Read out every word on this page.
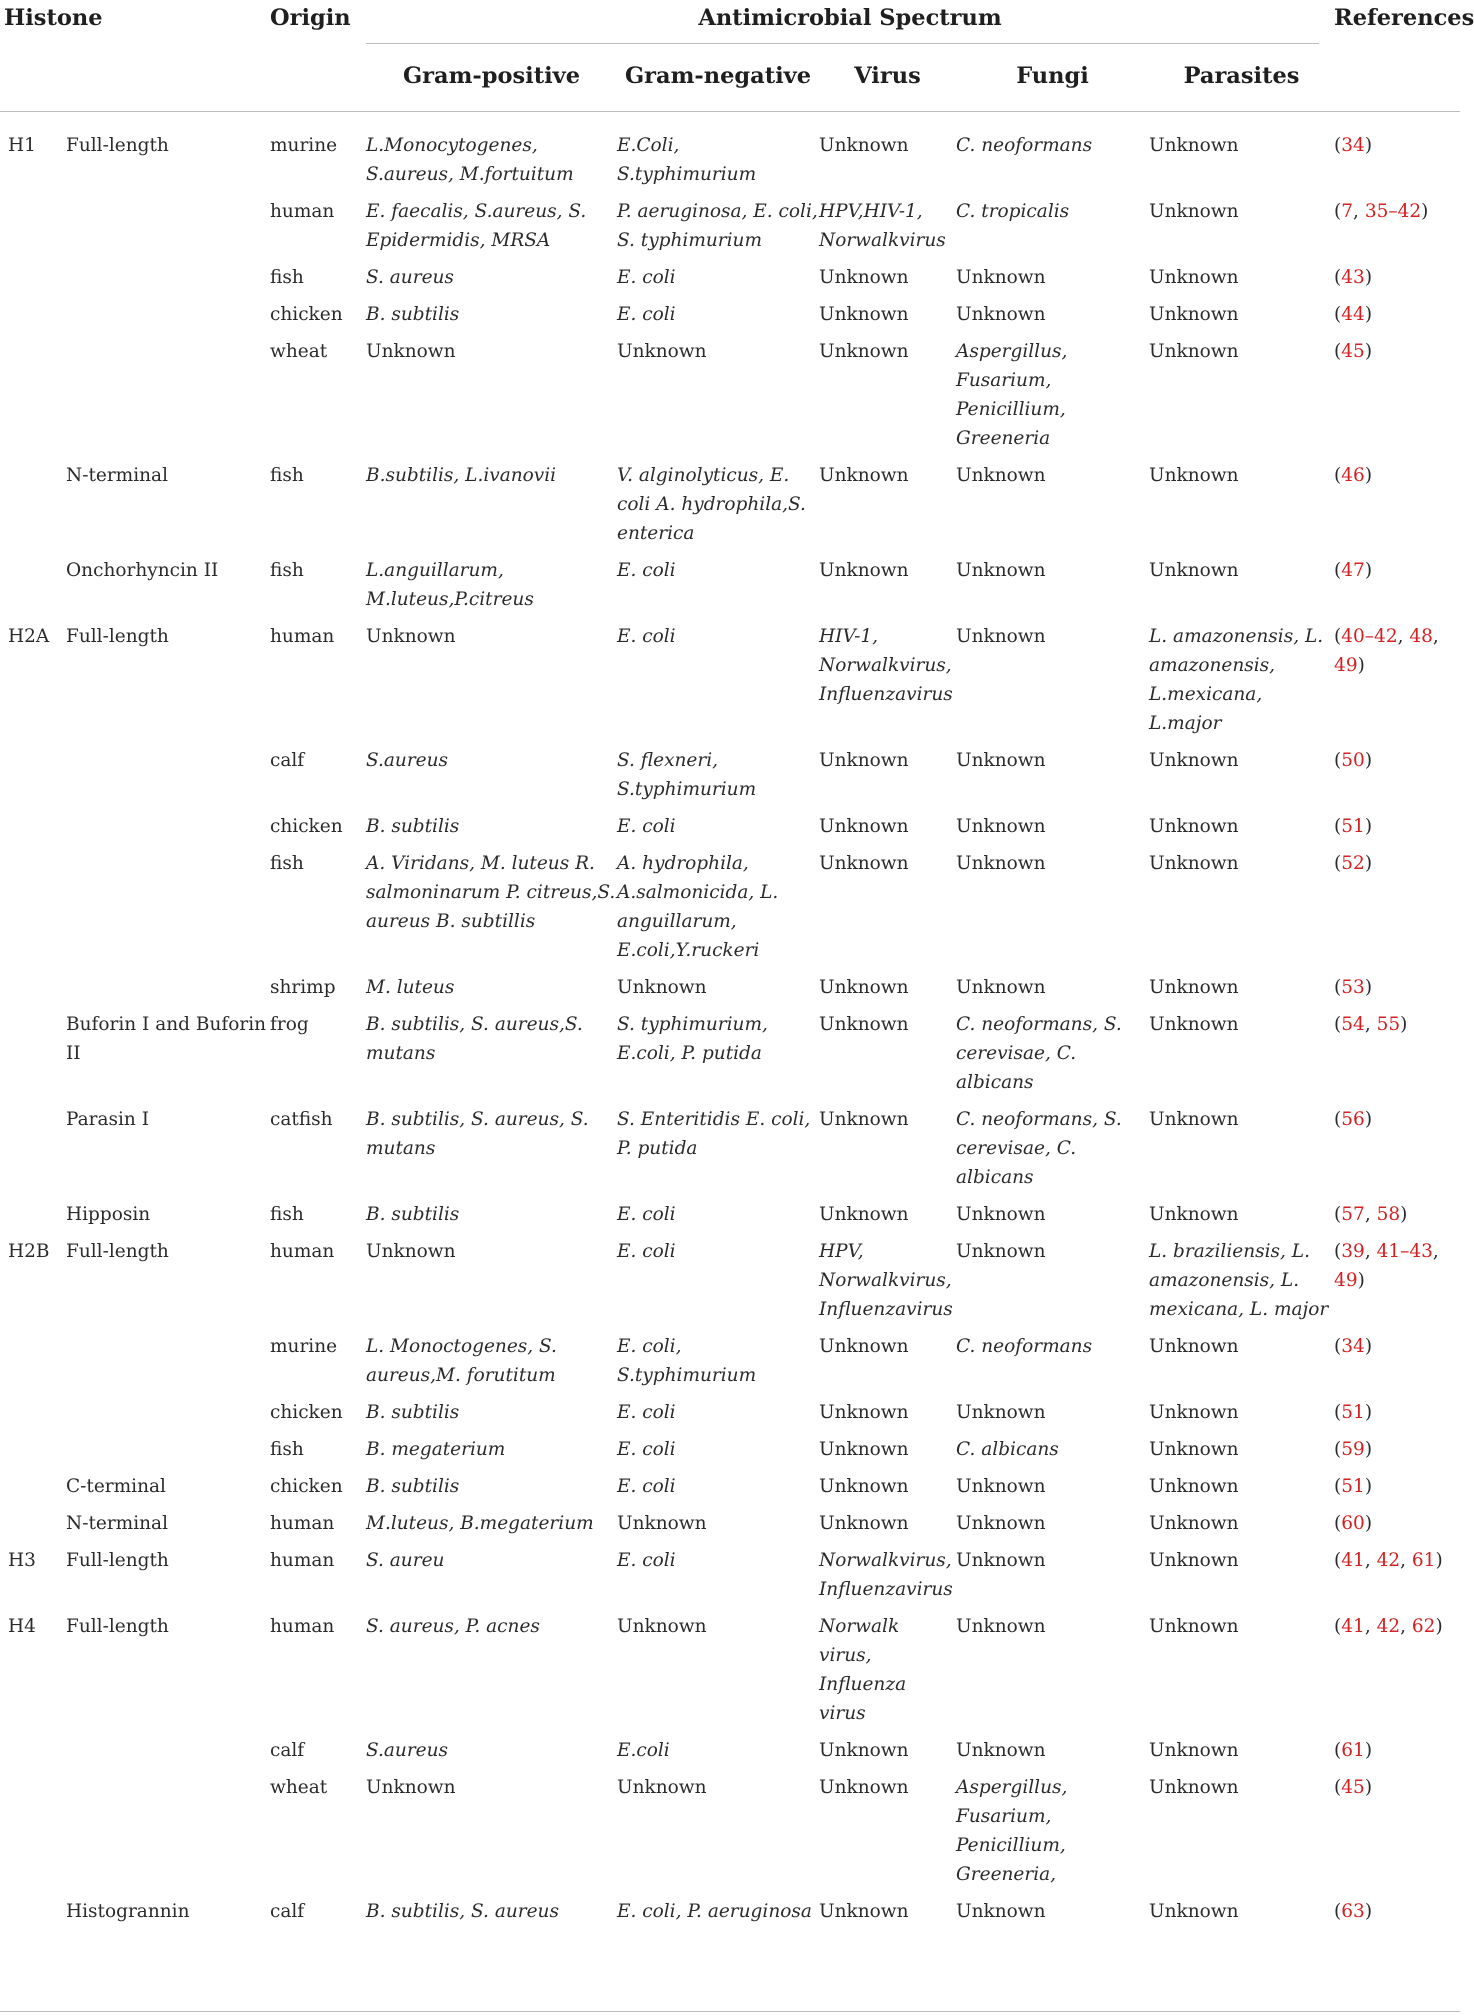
Histone		Origin	Antimicrobial Spectrum					References
			Gram-positive	Gram-negative	Virus	Fungi	Parasites	

H1	Full-length	murine	L.Monocytogenes, S.aureus, M.fortuitum	E.Coli, S.typhimurium	Unknown	C. neoformans	Unknown	(34)
		human	E. faecalis, S.aureus, S. Epidermidis, MRSA	P. aeruginosa, E. coli, S. typhimurium	HPV,HIV-1, Norwalkvirus	C. tropicalis	Unknown	(7, 35–42)
		fish	S. aureus	E. coli	Unknown	Unknown	Unknown	(43)
		chicken	B. subtilis	E. coli	Unknown	Unknown	Unknown	(44)
		wheat	Unknown	Unknown	Unknown	Aspergillus, Fusarium, Penicillium, Greeneria	Unknown	(45)
	N-terminal	fish	B.subtilis, L.ivanovii	V. alginolyticus, E. coli A. hydrophila,S. enterica	Unknown	Unknown	Unknown	(46)
	Onchorhyncin II	fish	L.anguillarum, M.luteus,P.citreus	E. coli	Unknown	Unknown	Unknown	(47)
H2A	Full-length	human	Unknown	E. coli	HIV-1, Norwalkvirus, Influenzavirus	Unknown	L. amazonensis, L. amazonensis, L.mexicana, L.major	(40–42, 48, 49)
		calf	S.aureus	S. flexneri, S.typhimurium	Unknown	Unknown	Unknown	(50)
		chicken	B. subtilis	E. coli	Unknown	Unknown	Unknown	(51)
		fish	A. Viridans, M. luteus R. salmoninarum P. citreus,S. aureus B. subtillis	A. hydrophila, A.salmonicida, L. anguillarum, E.coli,Y.ruckeri	Unknown	Unknown	Unknown	(52)
		shrimp	M. luteus	Unknown	Unknown	Unknown	Unknown	(53)
	Buforin I and Buforin II	frog	B. subtilis, S. aureus,S. mutans	S. typhimurium, E.coli, P. putida	Unknown	C. neoformans, S. cerevisae, C. albicans	Unknown	(54, 55)
	Parasin I	catfish	B. subtilis, S. aureus, S. mutans	S. Enteritidis E. coli, P. putida	Unknown	C. neoformans, S. cerevisae, C. albicans	Unknown	(56)
	Hipposin	fish	B. subtilis	E. coli	Unknown	Unknown	Unknown	(57, 58)
H2B	Full-length	human	Unknown	E. coli	HPV, Norwalkvirus, Influenzavirus	Unknown	L. braziliensis, L. amazonensis, L. mexicana, L. major	(39, 41–43, 49)
		murine	L. Monoctogenes, S. aureus,M. forutitum	E. coli, S.typhimurium	Unknown	C. neoformans	Unknown	(34)
		chicken	B. subtilis	E. coli	Unknown	Unknown	Unknown	(51)
		fish	B. megaterium	E. coli	Unknown	C. albicans	Unknown	(59)
	C-terminal	chicken	B. subtilis	E. coli	Unknown	Unknown	Unknown	(51)
	N-terminal	human	M.luteus, B.megaterium	Unknown	Unknown	Unknown	Unknown	(60)
H3	Full-length	human	S. aureu	E. coli	Norwalkvirus, Influenzavirus	Unknown	Unknown	(41, 42, 61)
H4	Full-length	human	S. aureus, P. acnes	Unknown	Norwalk virus, Influenza virus	Unknown	Unknown	(41, 42, 62)
		calf	S.aureus	E.coli	Unknown	Unknown	Unknown	(61)
		wheat	Unknown	Unknown	Unknown	Aspergillus, Fusarium, Penicillium, Greeneria,	Unknown	(45)
	Histogrannin	calf	B. subtilis, S. aureus	E. coli, P. aeruginosa	Unknown	Unknown	Unknown	(63)
